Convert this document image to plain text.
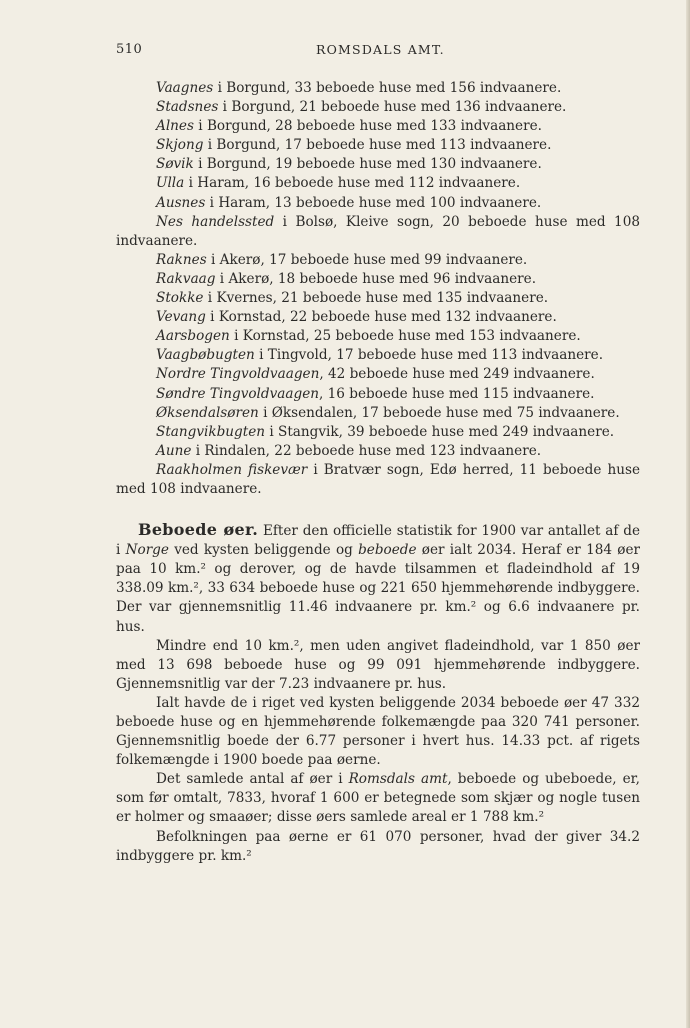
510	ROMSDALS AMT.
Vaagnes i Borgund, 33 beboede huse med 156 indvaanere.
Stadsnes i Borgund, 21 beboede huse med 136 indvaanere.
Alnes i Borgund, 28 beboede huse med 133 indvaanere.
Skjong i Borgund, 17 beboede huse med 113 indvaanere.
Søvik i Borgund, 19 beboede huse med 130 indvaanere.
Ulla i Haram, 16 beboede huse med 112 indvaanere.
Ausnes i Haram, 13 beboede huse med 100 indvaanere.
Nes handelssted i Bolsø, Kleive sogn, 20 beboede huse med 108 indvaanere.
Raknes i Akerø, 17 beboede huse med 99 indvaanere.
Rakvaag i Akerø, 18 beboede huse med 96 indvaanere.
Stokke i Kvernes, 21 beboede huse med 135 indvaanere.
Vevang i Kornstad, 22 beboede huse med 132 indvaanere.
Aarsbogen i Kornstad, 25 beboede huse med 153 indvaanere.
Vaagbøbugten i Tingvold, 17 beboede huse med 113 indvaanere.
Nordre Tingvoldvaagen, 42 beboede huse med 249 indvaanere.
Søndre Tingvoldvaagen, 16 beboede huse med 115 indvaanere.
Øksendalsøren i Øksendalen, 17 beboede huse med 75 indvaanere.
Stangvikbugten i Stangvik, 39 beboede huse med 249 indvaanere.
Aune i Rindalen, 22 beboede huse med 123 indvaanere.
Raakholmen fiskevær i Bratvær sogn, Edø herred, 11 beboede huse med 108 indvaanere.
Beboede øer. Efter den officielle statistik for 1900 var antallet af de i Norge ved kysten beliggende og beboede øer ialt 2034. Heraf er 184 øer paa 10 km.² og derover, og de havde tilsammen et fladeindhold af 19 338.09 km.², 33 634 beboede huse og 221 650 hjemmehørende indbyggere. Der var gjennemsnitlig 11.46 indvaanere pr. km.² og 6.6 indvaanere pr. hus.
Mindre end 10 km.², men uden angivet fladeindhold, var 1 850 øer med 13 698 beboede huse og 99 091 hjemmehørende indbyggere. Gjennemsnitlig var der 7.23 indvaanere pr. hus.
Ialt havde de i riget ved kysten beliggende 2034 beboede øer 47 332 beboede huse og en hjemmehørende folkemængde paa 320 741 personer. Gjennemsnitlig boede der 6.77 personer i hvert hus. 14.33 pct. af rigets folkemængde i 1900 boede paa øerne.
Det samlede antal af øer i Romsdals amt, beboede og ubeboede, er, som før omtalt, 7833, hvoraf 1 600 er betegnede som skjær og nogle tusen er holmer og smaaøer; disse øers samlede areal er 1 788 km.²
Befolkningen paa øerne er 61 070 personer, hvad der giver 34.2 indbyggere pr. km.²
